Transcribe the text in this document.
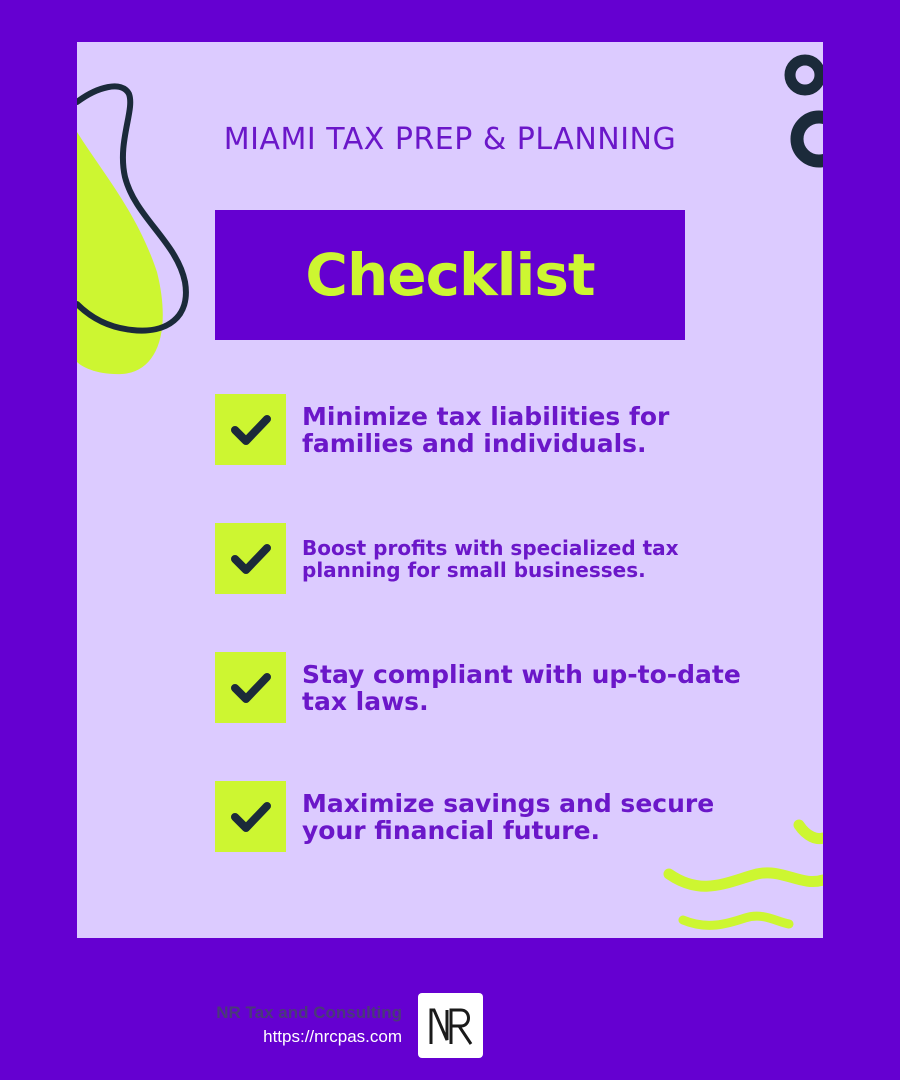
MIAMI TAX PREP & PLANNING
Checklist
Minimize tax liabilities for families and individuals.
Boost profits with specialized tax planning for small businesses.
Stay compliant with up-to-date tax laws.
Maximize savings and secure your financial future.
NR Tax and Consulting
https://nrcpas.com
